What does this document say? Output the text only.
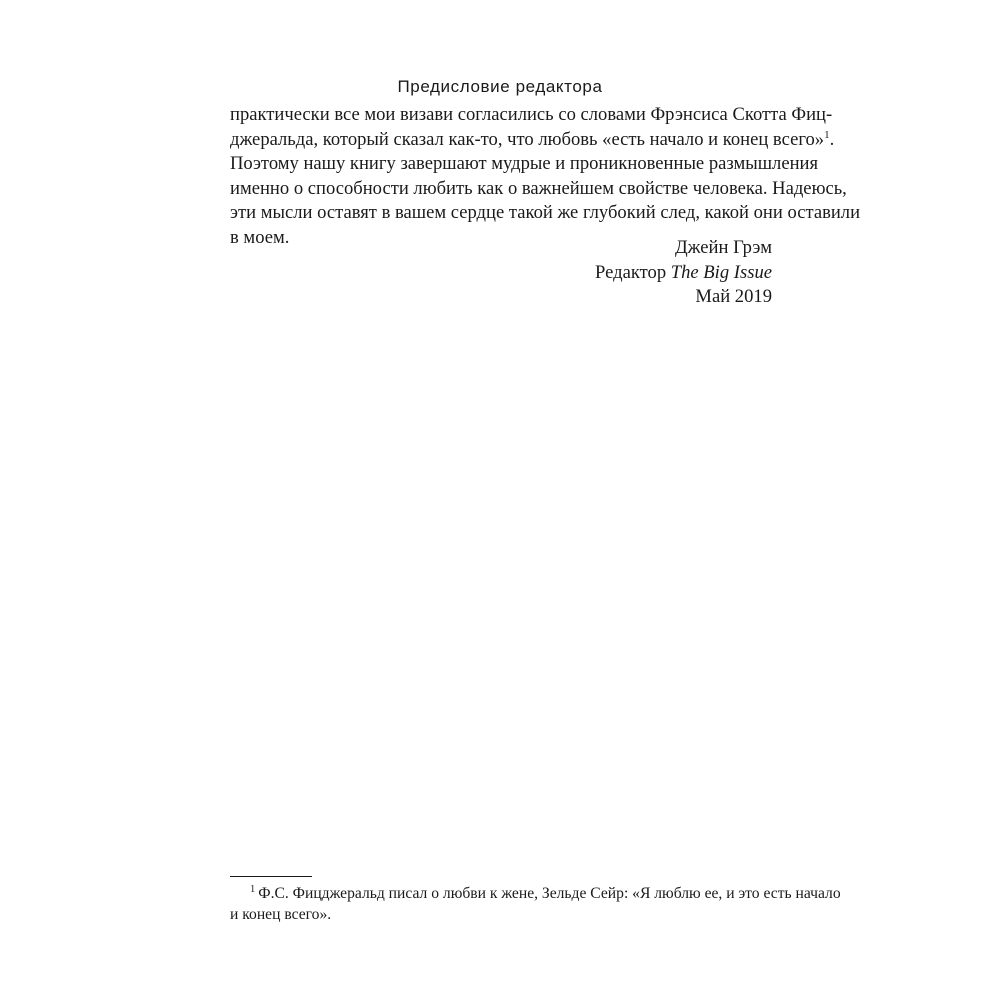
Предисловие редактора
практически все мои визави согласились со словами Фрэнсиса Скотта Фиц-
джеральда, который сказал как-то, что любовь «есть начало и конец всего»$^1$.
Поэтому нашу книгу завершают мудрые и проникновенные размышления
именно о способности любить как о важнейшем свойстве человека. Надеюсь,
эти мысли оставят в вашем сердце такой же глубокий след, какой они оставили
в моем.	Джейн Грэм
Редактор The Big Issue
Май 2019
$^1$ Ф.С. Фицджеральд писал о любви к жене, Зельде Сейр: «Я люблю ее, и это есть начало
и конец всего».
